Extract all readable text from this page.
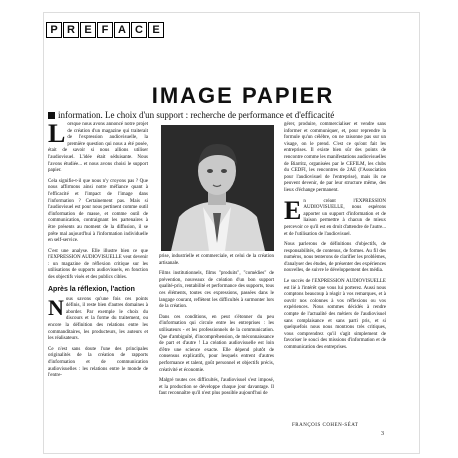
P R E F A C E
IMAGE PAPIER
information. Le choix d'un support : recherche de performance et d'efficacité

Lorsque nous avons annoncé notre projet de création d'un magazine qui traiterait de l'expression audiovisuelle, la première question qui nous a été posée, était de savoir si nous allions utiliser l'audiovisuel. L'idée était séduisante. Nous l'avons étudiée... et nous avons choisi le support papier.

Cela signifie-t-il que nous n'y croyons pas ? Que nous affirmons ainsi notre méfiance quant à l'efficacité et l'impact de l'image dans l'information ? Certainement pas. Mais si l'audiovisuel est pour nous pertinent comme outil d'information de masse, et comme outil de communication, contraignant les partenaires à être présents au moment de la diffusion, il se prête mal aujourd'hui à l'information individuelle en self-service.

C'est une analyse. Elle illustre bien ce que l'EXPRESSION AUDIOVISUELLE veut devenir : un magazine de réflexion critique sur les utilisations de supports audiovisuels, en fonction des objectifs visés et des publics cibles.

Après la réflexion, l'action

Nous savons qu'une fois ces points définis, il reste bien d'autres domaines à aborder. Par exemple le choix du discours et la forme du traitement, ou encore la définition des relations entre les commanditaires, les producteurs, les auteurs et les réalisateurs.

Ce n'est sans doute l'une des principales originalités de la création de rapports d'information et de communication audiovisuelles : les relations entre le monde de l'entre-

prise, industrielle et commerciale, et celui de la création artisanale.

Films institutionnels, films "produits", "comédies" de prévention, nouveaux de création d'un bon support qualité-prix, rentabilité et performance des supports, tous ces éléments, toutes ces expressions, passées dans le langage courant, reflètent les difficultés à surmonter lors de la création.

Dans ces conditions, en peut s'étonner du peu d'information qui circule entre les entreprises : les utilisateurs - et les professionnels de la communication. Que d'ambiguïté, d'incompréhension, de méconnaissance de part et d'autre ! La création audiovisuelle est loin d'être une science exacte. Elle dépend plutôt de consensus explicatifs, pour lesquels entrent d'autres performance et talent, goût personnel et objectifs précis, créativité et économie.

Malgré toutes ces difficultés, l'audiovisuel s'est imposé, et la production se développe chaque jour davantage. Il faut reconnaître qu'il n'est plus possible aujourd'hui de

gérer, produire, commercialiser et vendre sans informer et communiquer, et, pour reprendre la formule qu'un célèbre, on ne raisonne pas sur un visage, on le prend. C'est ce qu'ont fait les entreprises. Il existe bien sûr des points de rencontre comme les manifestations audiovisuelles de Biarritz, organisées par le CEFILM, les clubs du CEDFI, les rencontres de 2AE (l'Association pour l'audiovisuel de l'entreprise), mais ils ne peuvent devenir, de par leur structure même, des lieux d'échange permanent.

En créant l'EXPRESSION AUDIOVISUELLE, nous espérons apporter un support d'information et de liaison permettre à chacun de mieux percevoir ce qu'il est en droit d'attendre de l'autre... et de l'utilisation de l'audiovisuel.

Nous parlerons de définitions d'objectifs, de responsabilités, de contenus, de formes. Au fil des numéros, nous tenterons de clarifier les problèmes, d'analyser des études, de présenter des expériences nouvelles, de suivre le développement des média.

Le succès de l'EXPRESSION AUDIOVISUELLE est lié à l'intérêt que vous lui porterez. Aussi nous comptons beaucoup à réagir à vos remarques, et à ouvrir nos colonnes à vos réflexions ou vos expériences. Nous sommes décidés à rendre compte de l'actualité des métiers de l'audiovisuel sans complaisance et sans parti pris, et si quelquefois nous nous montrons très critiques, vous comprendrez qu'il s'agit simplement de favoriser le souci des missions d'information et de communication des entreprises.

FRANÇOIS COHEN-SÉAT
3
